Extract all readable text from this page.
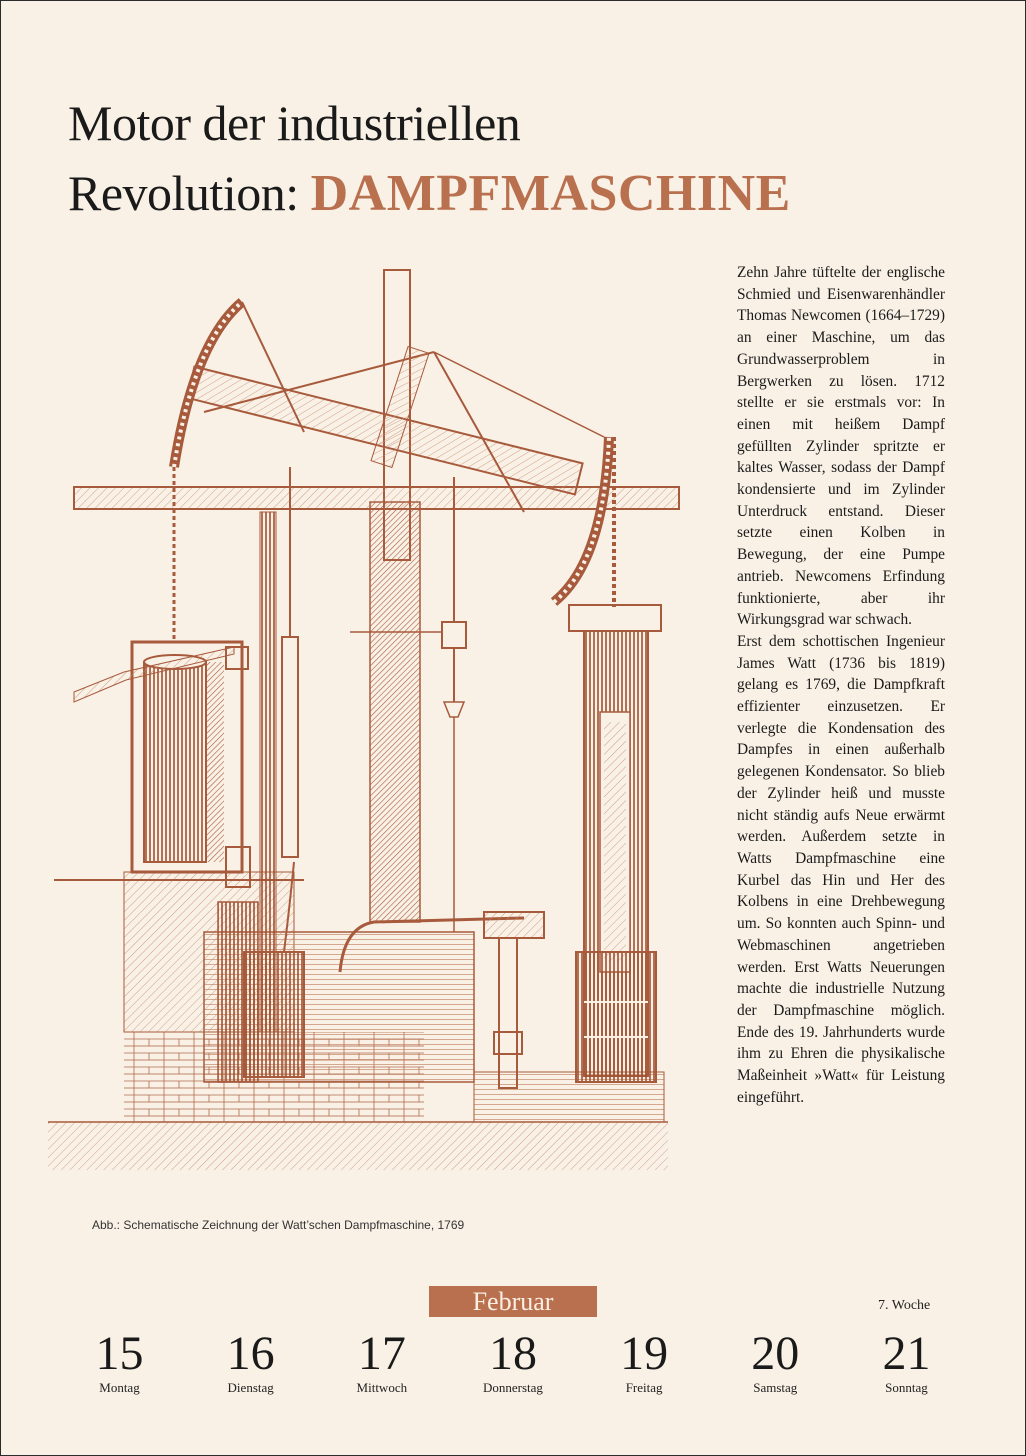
Motor der industriellen
Revolution: DAMPFMASCHINE
Abb.: Schematische Zeichnung der Watt’schen Dampfmaschine, 1769

Zehn Jahre tüftelte der englische Schmied und Eisenwarenhändler Thomas Newcomen (1664–1729) an einer Maschine, um das Grundwasserproblem in Bergwerken zu lösen. 1712 stellte er sie erstmals vor: In einen mit heißem Dampf gefüllten Zylinder spritzte er kaltes Wasser, sodass der Dampf kondensierte und im Zylinder Unterdruck entstand. Dieser setzte einen Kolben in Bewegung, der eine Pumpe antrieb. Newcomens Erfindung funktionierte, aber ihr Wirkungsgrad war schwach.

Erst dem schottischen Ingenieur James Watt (1736 bis 1819) gelang es 1769, die Dampfkraft effizienter einzusetzen. Er verlegte die Kondensation des Dampfes in einen außerhalb gelegenen Kondensator. So blieb der Zylinder heiß und musste nicht ständig aufs Neue erwärmt werden. Außerdem setzte in Watts Dampfmaschine eine Kurbel das Hin und Her des Kolbens in eine Drehbewegung um. So konnten auch Spinn- und Webmaschinen angetrieben werden. Erst Watts Neuerungen machte die industrielle Nutzung der Dampfmaschine möglich. Ende des 19. Jahrhunderts wurde ihm zu Ehren die physikalische Maßeinheit »Watt« für Leistung eingeführt.

Februar	7. Woche
15
Montag
16
Dienstag
17
Mittwoch
18
Donnerstag
19
Freitag
20
Samstag
21
Sonntag
